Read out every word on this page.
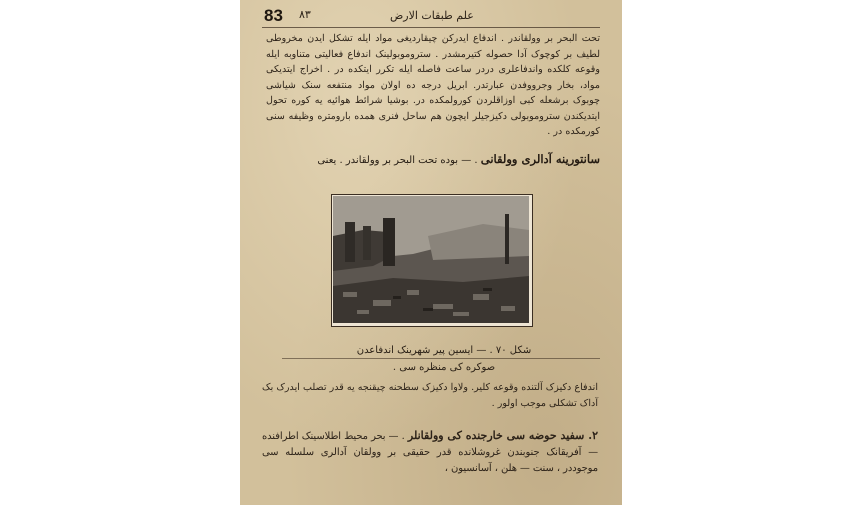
83 ٨٣	علم طبقات الارض
تحت البحر بر وولقاندر . اندفاع ایدرکن چیقاردیغی مواد ایله تشکل ایدن مخروطی لطیف بر کوچوک آدا حصوله کتیرمشدر . ستروموبولینک اندفاع فعالیتی متناوبه ایله وقوعه کلکده واندفاعلری دردر ساعت فاصله ایله تکرر ایتکده در . اخراج ایتدیکی مواد، بخار وجرووفدن عبارتدر. ابریل درجه ده اولان مواد منتفعه سنک شیاشی چوبوک برشعله کبی اوزاقلردن کورولمکده در. بوشیا شرائط هوائیه یه کوره تحول ایتدیکندن ستروموبولی دکیزجیلر ایچون هم ساحل فنری همده بارومتره وظیفه سنی کورمکده در .
سانتورینه آدالری وولقانی . — بوده تحت البحر بر وولقاندر . یعنی
شکل ۷۰ . — ایسین پیر شهرینک اندفاعدن
صوکره کی منظره سی .
اندفاع دکیزک آلتنده وقوعه کلیر. ولاوا دکیزک سطحنه چیقنجه یه قدر تصلب ایدرک بک آداک تشکلی موجب اولور .
۲. سفید حوضه سی خارجنده کی وولقانلر . — بحر محیط اطلاسینک اطرافنده — آفریقانک جنوبندن غروشلانده قدر حقیقی بر وولقان آدالری سلسله سی موجوددر ، سنت — هلن ، آسانسیون ،
